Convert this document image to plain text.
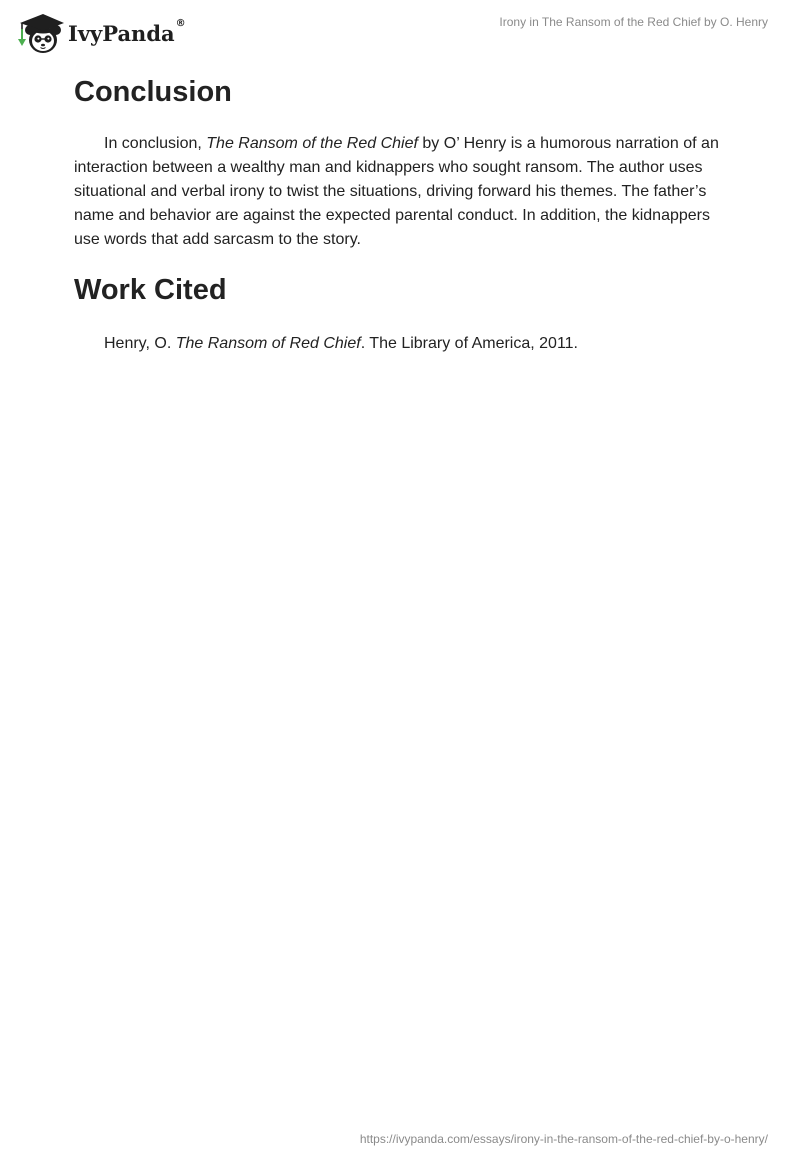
IvyPanda ®	Irony in The Ransom of the Red Chief by O. Henry
Conclusion

In conclusion, The Ransom of the Red Chief by O’ Henry is a humorous narration of an interaction between a wealthy man and kidnappers who sought ransom. The author uses situational and verbal irony to twist the situations, driving forward his themes. The father’s name and behavior are against the expected parental conduct. In addition, the kidnappers use words that add sarcasm to the story.

Work Cited

Henry, O. The Ransom of Red Chief. The Library of America, 2011.

https://ivypanda.com/essays/irony-in-the-ransom-of-the-red-chief-by-o-henry/
